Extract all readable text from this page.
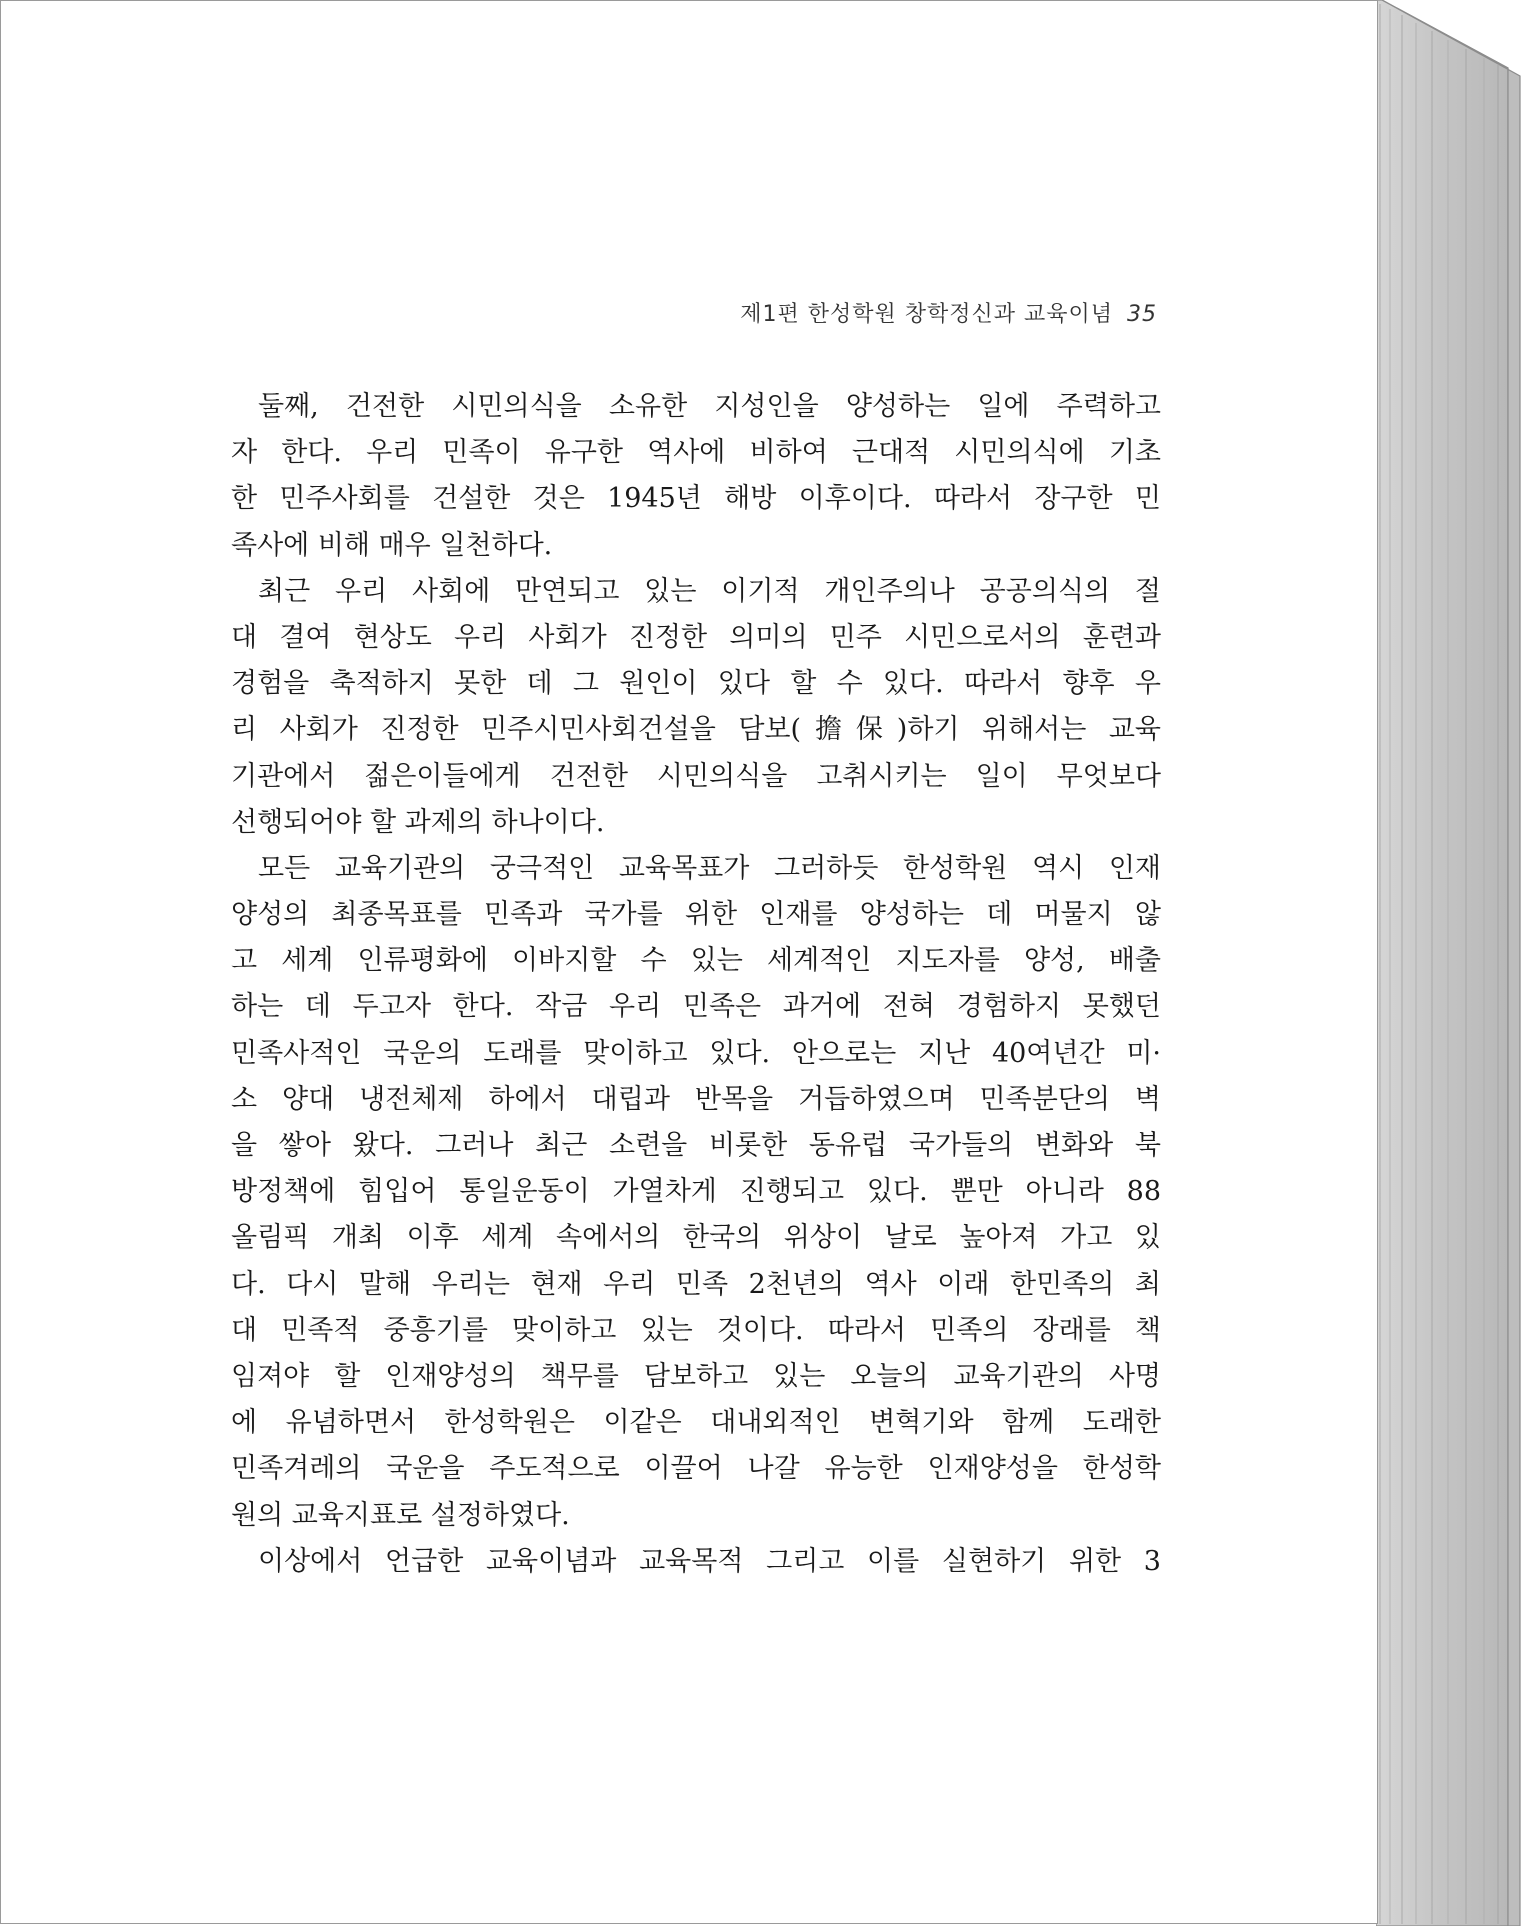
제1편 한성학원 창학정신과 교육이념 35
둘째, 건전한 시민의식을 소유한 지성인을 양성하는 일에 주력하고
자 한다. 우리 민족이 유구한 역사에 비하여 근대적 시민의식에 기초
한 민주사회를 건설한 것은 1945년 해방 이후이다. 따라서 장구한 민
족사에 비해 매우 일천하다.
최근 우리 사회에 만연되고 있는 이기적 개인주의나 공공의식의 절
대 결여 현상도 우리 사회가 진정한 의미의 민주 시민으로서의 훈련과
경험을 축적하지 못한 데 그 원인이 있다 할 수 있다. 따라서 향후 우
리 사회가 진정한 민주시민사회건설을 담보(擔保)하기 위해서는 교육
기관에서 젊은이들에게 건전한 시민의식을 고취시키는 일이 무엇보다
선행되어야 할 과제의 하나이다.
모든 교육기관의 궁극적인 교육목표가 그러하듯 한성학원 역시 인재
양성의 최종목표를 민족과 국가를 위한 인재를 양성하는 데 머물지 않
고 세계 인류평화에 이바지할 수 있는 세계적인 지도자를 양성, 배출
하는 데 두고자 한다. 작금 우리 민족은 과거에 전혀 경험하지 못했던
민족사적인 국운의 도래를 맞이하고 있다. 안으로는 지난 40여년간 미·
소 양대 냉전체제 하에서 대립과 반목을 거듭하였으며 민족분단의 벽
을 쌓아 왔다. 그러나 최근 소련을 비롯한 동유럽 국가들의 변화와 북
방정책에 힘입어 통일운동이 가열차게 진행되고 있다. 뿐만 아니라 88
올림픽 개최 이후 세계 속에서의 한국의 위상이 날로 높아져 가고 있
다. 다시 말해 우리는 현재 우리 민족 2천년의 역사 이래 한민족의 최
대 민족적 중흥기를 맞이하고 있는 것이다. 따라서 민족의 장래를 책
임져야 할 인재양성의 책무를 담보하고 있는 오늘의 교육기관의 사명
에 유념하면서 한성학원은 이같은 대내외적인 변혁기와 함께 도래한
민족겨레의 국운을 주도적으로 이끌어 나갈 유능한 인재양성을 한성학
원의 교육지표로 설정하였다.
이상에서 언급한 교육이념과 교육목적 그리고 이를 실현하기 위한 3
